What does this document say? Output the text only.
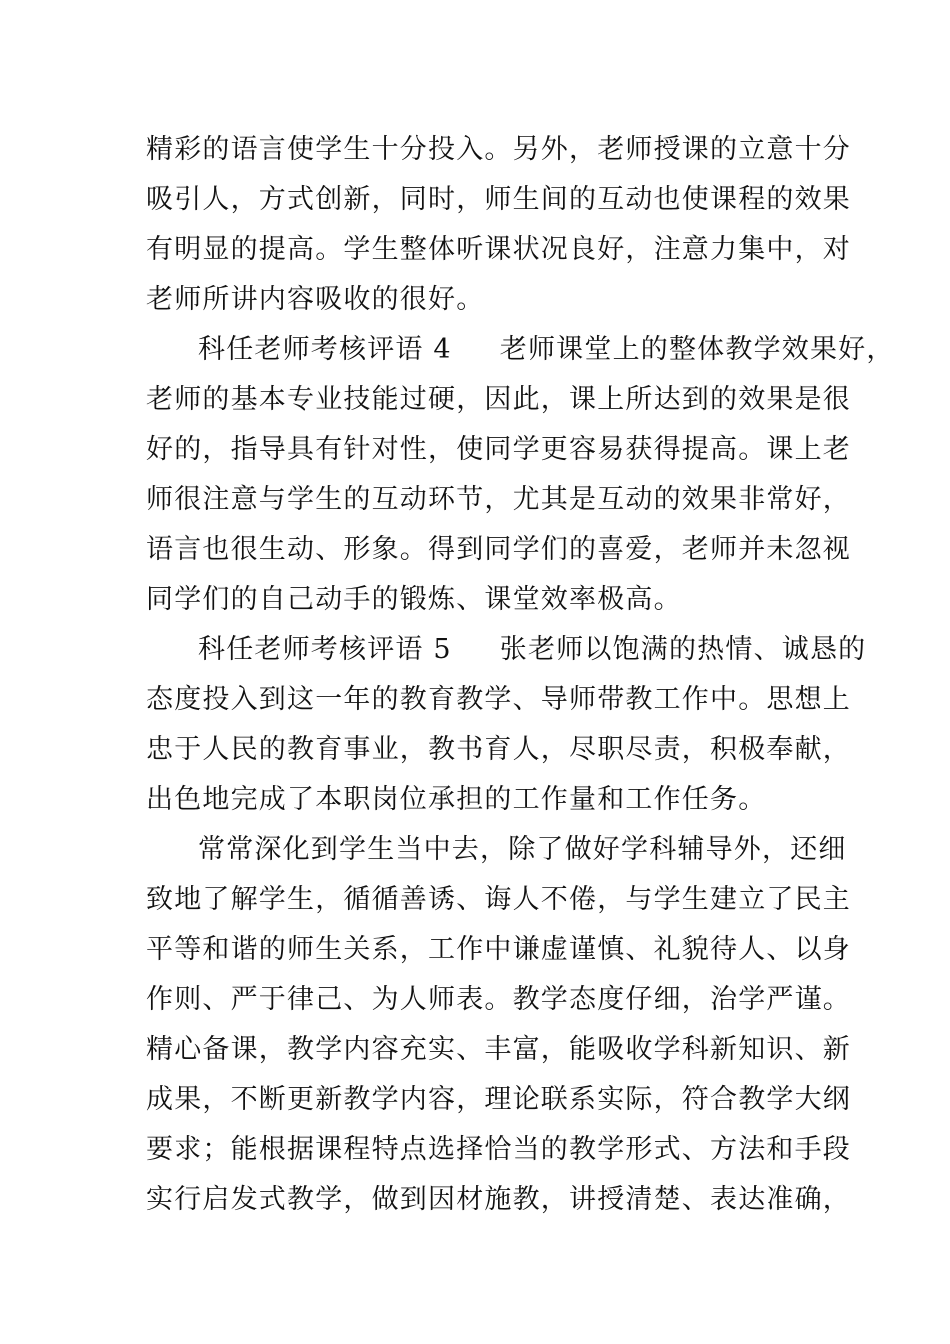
精彩的语言使学生十分投入。另外，老师授课的立意十分
吸引人，方式创新，同时，师生间的互动也使课程的效果
有明显的提高。学生整体听课状况良好，注意力集中，对
老师所讲内容吸收的很好。
科任老师考核评语 4 老师课堂上的整体教学效果好，
老师的基本专业技能过硬，因此，课上所达到的效果是很
好的，指导具有针对性，使同学更容易获得提高。课上老
师很注意与学生的互动环节，尤其是互动的效果非常好，
语言也很生动、形象。得到同学们的喜爱，老师并未忽视
同学们的自己动手的锻炼、课堂效率极高。
科任老师考核评语 5 张老师以饱满的热情、诚恳的
态度投入到这一年的教育教学、导师带教工作中。思想上
忠于人民的教育事业，教书育人，尽职尽责，积极奉献，
出色地完成了本职岗位承担的工作量和工作任务。
常常深化到学生当中去，除了做好学科辅导外，还细
致地了解学生，循循善诱、诲人不倦，与学生建立了民主
平等和谐的师生关系，工作中谦虚谨慎、礼貌待人、以身
作则、严于律己、为人师表。教学态度仔细，治学严谨。
精心备课，教学内容充实、丰富，能吸收学科新知识、新
成果，不断更新教学内容，理论联系实际，符合教学大纲
要求；能根据课程特点选择恰当的教学形式、方法和手段
实行启发式教学，做到因材施教，讲授清楚、表达准确，
